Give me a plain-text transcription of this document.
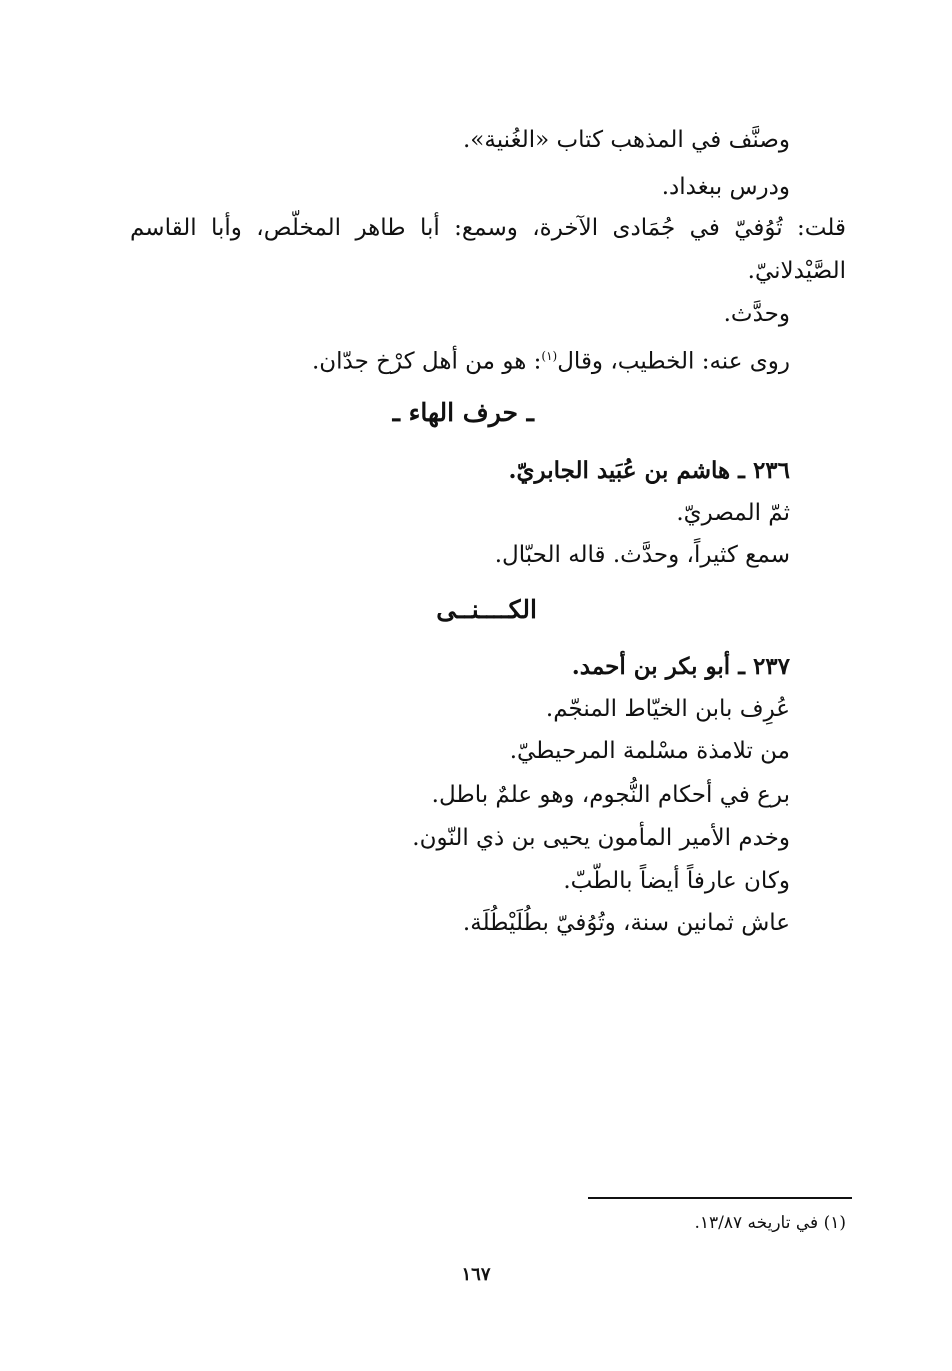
وصنَّف في المذهب كتاب «الغُنية».
ودرس ببغداد.
قلت: تُوُفيّ في جُمَادى الآخرة، وسمع: أبا طاهر المخلّص، وأبا القاسم
الصَّيْدلانيّ.
وحدَّث.
روى عنه: الخطيب، وقال$^{(١)}$: هو من أهل كرْخ جدّان.
ـ حرف الهاء ـ
٢٣٦ ـ هاشم بن عُبَيد الجابريّ.
ثمّ المصريّ.
سمع كثيراً، وحدَّث. قاله الحبّال.
الكــــنــى
٢٣٧ ـ أبو بكر بن أحمد.
عُرِف بابن الخيّاط المنجّم.
من تلامذة مسْلمة المرحيطيّ.
برع في أحكام النُّجوم، وهو علمٌ باطل.
وخدم الأمير المأمون يحيى بن ذي النّون.
وكان عارفاً أيضاً بالطّبّ.
عاش ثمانين سنة، وتُوُفيّ بطُلَيْطُلَة.
(١) في تاريخه ١٣/٨٧.
١٦٧
